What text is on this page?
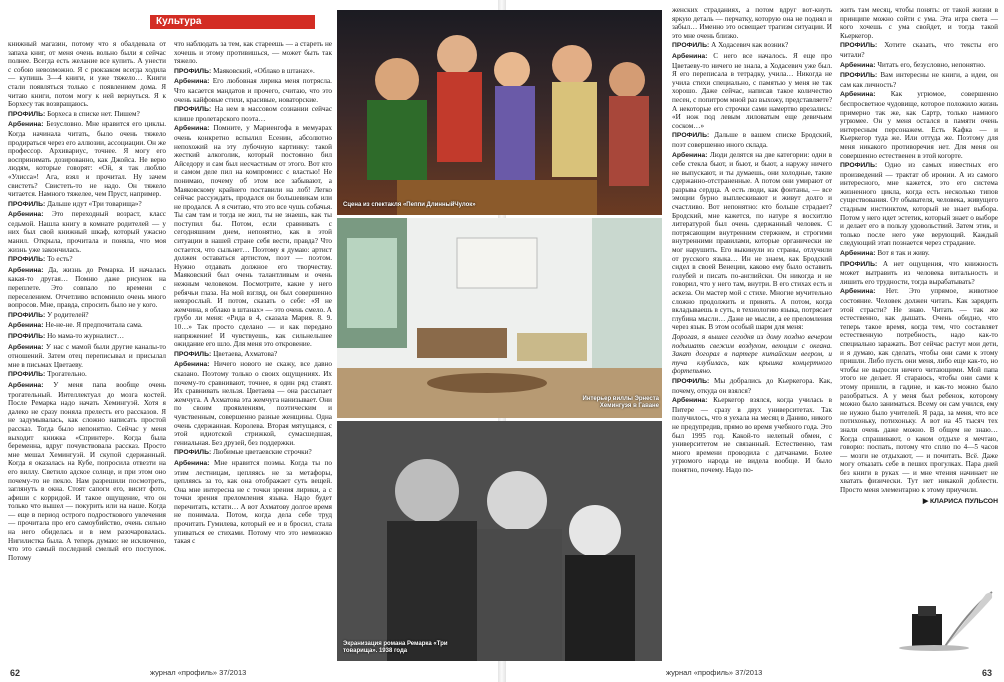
Культура

книжный магазин, потому что я обалдевала от запаха книг, от меня очень вольно были я сейчас полнее. Всегда есть желание все купить. А унести с собою невозможно. Я с рюкзаком всегда ходила — купишь 3—4 книги, и уже тяжело… Книги стали появляться только с появлением дома. Я читаю книги, потом могу к ней вернуться. Я к Борхесу так возвращаюсь.

ПРОФИЛЬ: Борхеса в списке нет. Пишем?

Арбенина: Безусловно. Мне нравится его циклы. Когда начинала читать, было очень тяжело продираться через его аллюзии, ассоциации. Он же профессор. Архивариус, точнее. Я могу его воспринимать дозированно, как Джойса. Не верю людям, которые говорят: «Ой, я так люблю «Улисса»! Ага, взял и прочитал. Ну зачем свистеть? Свистеть-то не надо. Он тяжело читается. Намного тяжелее, чем Пруст, например.

ПРОФИЛЬ: Дальше идут «Три товарища»?

Арбенина: Это переходный возраст, класс седьмой. Нашла книгу в комнате родителей — у них был свой книжный шкаф, который ужасно манил. Открыла, прочитала и поняла, что моя жизнь уже закончилась.

ПРОФИЛЬ: То есть?

Арбенина: Да, жизнь до Ремарка. И началась какая-то другая… Помню даже рисунок на переплете. Это совпало по времени с переселением. Отчетливо вспомнило очень много вопросов. Мне, правда, спросить было не у кого.

ПРОФИЛЬ: У родителей?

Арбенина: Не-не-не. Я предпочитала сама.

ПРОФИЛЬ: Но мама-то журналист…

Арбенина: У нас с мамой были другие каналы-то отношений. Затем отец переписывал и присылал мне в письмах Цветаеву.

ПРОФИЛЬ: Трогательно.

Арбенина: У меня папа вообще очень трогательный. Интеллектуал до мозга костей. После Ремарка надо начать Хемингуэй. Хотя я далеко не сразу поняла прелесть его рассказов. Я не задумывалась, как сложно написать простой рассказ. Тогда было непонятно. Сейчас у меня выходит книжка «Спринтер». Когда была беременна, вдруг почувствовала рассказ. Просто мне мешал Хемингуэй. И скупой сдержанный. Когда я оказалась на Кубе, попросила отвезти на его виллу. Светило адское солнце, и при этом оно почему-то не пекло. Нам разрешили посмотреть, заглянуть в окна. Стоят сапоги его, висит фото, афиши с корридой. И такое ощущение, что он только что вышел — покурить или на наше. Когда — еще в период острого подросткового увлечения — прочитала про его самоубийство, очень сильно на него обиделась и в нем разочаровалась. Нигилистка была. А теперь думаю: не исключено, что это самый последний смелый его поступок. Потому

что наблюдать за тем, как стареешь — а стареть не хочешь и этому противишься, — может быть так тяжело.

ПРОФИЛЬ: Маяковский, «Облако в штанах».

Арбенина: Его любовная лирика меня потрясла. Что касается мандатов и прочего, считаю, что это очень кайфовые стихи, красивые, новаторские.

ПРОФИЛЬ: На нем в массовом сознании сейчас клише пролетарского поэта…

Арбенина: Помните, у Мариенгофа в мемуарах очень конкретно вспылил Есенин, абсолютно непохожий на эту лубочную картинку: такой жесткий алкоголик, который постоянно бил Айседору и сам был несчастным от этого. Вот кто и самом деле пил на компромисс с властью! Не понимаю, почему об этом все забывают, а Маяковскому крайнего поставили на лоб! Легко сейчас рассуждать, продался он большевикам или не продался. А я считаю, что это все чушь собачья. Ты сам там и тогда не жил, ты не знаешь, как ты поступил бы. Потом, если сравнивать с сегодняшним днем, непонятно, как в этой ситуации в нашей стране себя вести, правда? Что остается, что сыльнет… Поэтому я думаю: артист должен оставаться артистом, поэт — поэтом. Нужно отдавать должное его творчеству. Маяковский был очень талантливым и очень нежным человеком. Посмотрите, какие у него ребячьи глаза. На мой взгляд, он был совершенно невзрослый. И потом, сказать о себе: «Я не жемчина, я облако в штанах» — это очень смело. А грубо ли меня: «Рида в 4, сказала Мария. 8. 9. 10…» Так просто сделано — и как передано напряжение! И чувствуешь, как сильнельшее ожидание его шло. Для меня это откровение.

ПРОФИЛЬ: Цветаева, Ахматова?

Арбенина: Ничего нового не скажу, все давно сказано. Поэтому только о своих ощущениях. Их почему-то сравнивают, точнее, я один ряд ставят. Их сравнивать нельзя. Цветаева — она рассыпает жемчуга. А Ахматова эта жемчуга нанизывает. Они по своим проявлениям, поэтическим и чувственным, совершенно разные женщины. Одна очень сдержанная. Королева. Вторая мятущаяся, с этой идиотской стрижкой, сумасшедшая, гениальная. Без друзей, без поддержки.

ПРОФИЛЬ: Любимые цветаевские строчки?

Арбенина: Мне нравится поэмы. Когда ты по этим лестницам, цепляясь не за метафоры, цепляясь за то, как она отображает суть вещей. Она мне интересна не с точки зрения лирики, а с точки зрения преломления языка. Надо будет перечитать, кстати… А вот Ахматову долгое время не понимала. Потом, когда дела себе труд прочитать Гумилева, который ее и в бросил, стала упиваться ее стихами. Потому что это немножко такая с

62	журнал «профиль» 37/2013
Сцена из спектакля «Пеппи ДлинныйЧулок»
Интерьер виллы Эрнеста Хемингуэя в Гаване
Экранизация романа Ремарка «Три товарища». 1938 года

женских страданиях, а потом вдруг вот-кнуть яркую деталь — перчатку, которую она не поднял и забыл… Именно это освещает трагизм ситуации. И это мне очень близко.

ПРОФИЛЬ: А Ходасевич как возник?

Арбенина: С него все началось. Я еще про Цветаеву-то ничего не знала, а Ходасевич уже был. Я его переписала в тетрадку, учила… Никогда не учила стихи специально, с памятью у меня не так хорошо. Даже сейчас, написав такое количество песен, с попитром мной раз выхожу, представляете? А некоторые его строчки сами намертво врезались: «И нож под левым лиловатым еще девичьим соском…»

ПРОФИЛЬ: Дальше в вашем списке Бродский, поэт совершенно иного склада.

Арбенина: Люди делятся на две категории: одни в себе стекла бьют, и бьют, и бьют, а наружу ничего не выпускают, и ты думаешь, они холодные, такие сдержанно-отстраненные. А потом они умирают от разрыва сердца. А есть люди, как фонтаны, — все эмоции бурно выплескивают и живут долго и счастливо. Вот непонятно: кто больше страдает? Бродский, мне кажется, по натуре я восхитлю литературой был очень сдержанный человек. С потрясающим внутренним стержнем, и строгими внутренними правилами, которые органически не мог нарушить. Его выкинули из страны, отлучили от русского языка… Ин не знаем, как Бродский сидел в своей Венеции, каково ему было оставить голубей и писать по-английски. Он никогда и не говорил, что у него там, внутри. В его стихах есть и аскеза. Он мастер мой с стихе. Многие мучительно сложно продолжить и принять. А потом, когда вкладываешь в суть, в технологию языка, потрясает глубина мысли… Даже не мысли, а ее преломления через язык. В этом особый шарм для меня:

Дорогая, я вышел сегодня из дому поздно вечером подышать свежим воздухом, веющим с океана. Закат догорал в партере китайским веером, и туча клубилась, как крышка концертного фортепьяно.

ПРОФИЛЬ: Мы добрались до Кьеркегора. Как, почему, откуда он взялся?

Арбенина: Кьеркегор взялся, когда училась в Питере — сразу в двух университетах. Так получилось, что я уехала на месяц в Данию, никого не предупредив, прямо во время учебного года. Это был 1995 год. Какой-то нелепый обмен, с университетом не связанный. Естественно, там много времени проводила с датчанами. Более угрюмого народа не видела вообще. И было понятно, почему. Надо по-

жить там месяц, чтобы понять: от такой жизни в принципе можно сойти с ума. Эта игра света — кого хочешь с ума свойдет, и тогда такой Кьеркегор.

ПРОФИЛЬ: Хотите сказать, что тексты его читали?

Арбенина: Читать его, безусловно, непонятно.

ПРОФИЛЬ: Вам интересны не книги, а идеи, он сам как личность?

Арбенина: Как угрюмое, совершенно беспросветное чудовище, которое положило жизнь примерно так же, как Сартр, только намного угрюмее. Он у меня остался в памяти очень интересным персонажем. Есть Кафка — и Кьеркегор туда же. Или оттуда же. Поэтому для меня никакого противоречия нет. Для меня он совершенно естественен в этой когорте.

ПРОФИЛЬ: Одно из самых известных его произведений — трактат об иронии. А из самого интересного, мне кажется, это его система жизненного цикла, когда есть несколько типов существования. От обывателя, человека, живущего стадным инстинктом, который не знает выбора. Потом у него идет эстетик, который знает о выборе и делает его в пользу удовольствий. Затем этик, и только после него уже верующий. Каждый следующий этап познается через страдание.

Арбенина: Вот я так и живу.

ПРОФИЛЬ: А нет ощущения, что книжность может вытравить из человека витальность и лишить его трудности, тогда вырабатывать?

Арбенина: Нет. Это упрямое, животное состояние. Человек должен читать. Как зарядить этой страсти? Не знаю. Читать — так же естественно, как дышать. Очень обидно, что теперь такое время, когда тем, что составляет естественную потребность, надо как-то специально заражать. Вот сейчас растут мои дети, и я думаю, как сделать, чтобы они сами к этому пришли. Либо пусть они меня, либо еще как-то, но чтобы не выросли ничего читающими. Мой папа этого не делает. Я стараюсь, чтобы они сами к этому пришли, в гадине, и как-то можно было разобраться. А у меня был ребенок, которому можно было заниматься. Всему он сам учился, ему не нужно было учителей. Я рада, за меня, что все потихоньку, потихоньку. А вот на 45 тысяч тех знали очень даже можно. В общем не знаю… Когда спрашивают, о каком отдыхе я мечтаю, говорю: поспать, потому что сплю по 4—5 часов — мозги не отдыхают, — и почитать. Всё. Даже могу отказать себе в пеших прогулках. Пара дней без книги в руках — и мне чтения начинает не хватать физически. Тут нет никакой доблести. Просто меня элементарно к этому приучили.

▶ КЛАРИСА ПУЛЬСОН
журнал «профиль» 37/2013	63
